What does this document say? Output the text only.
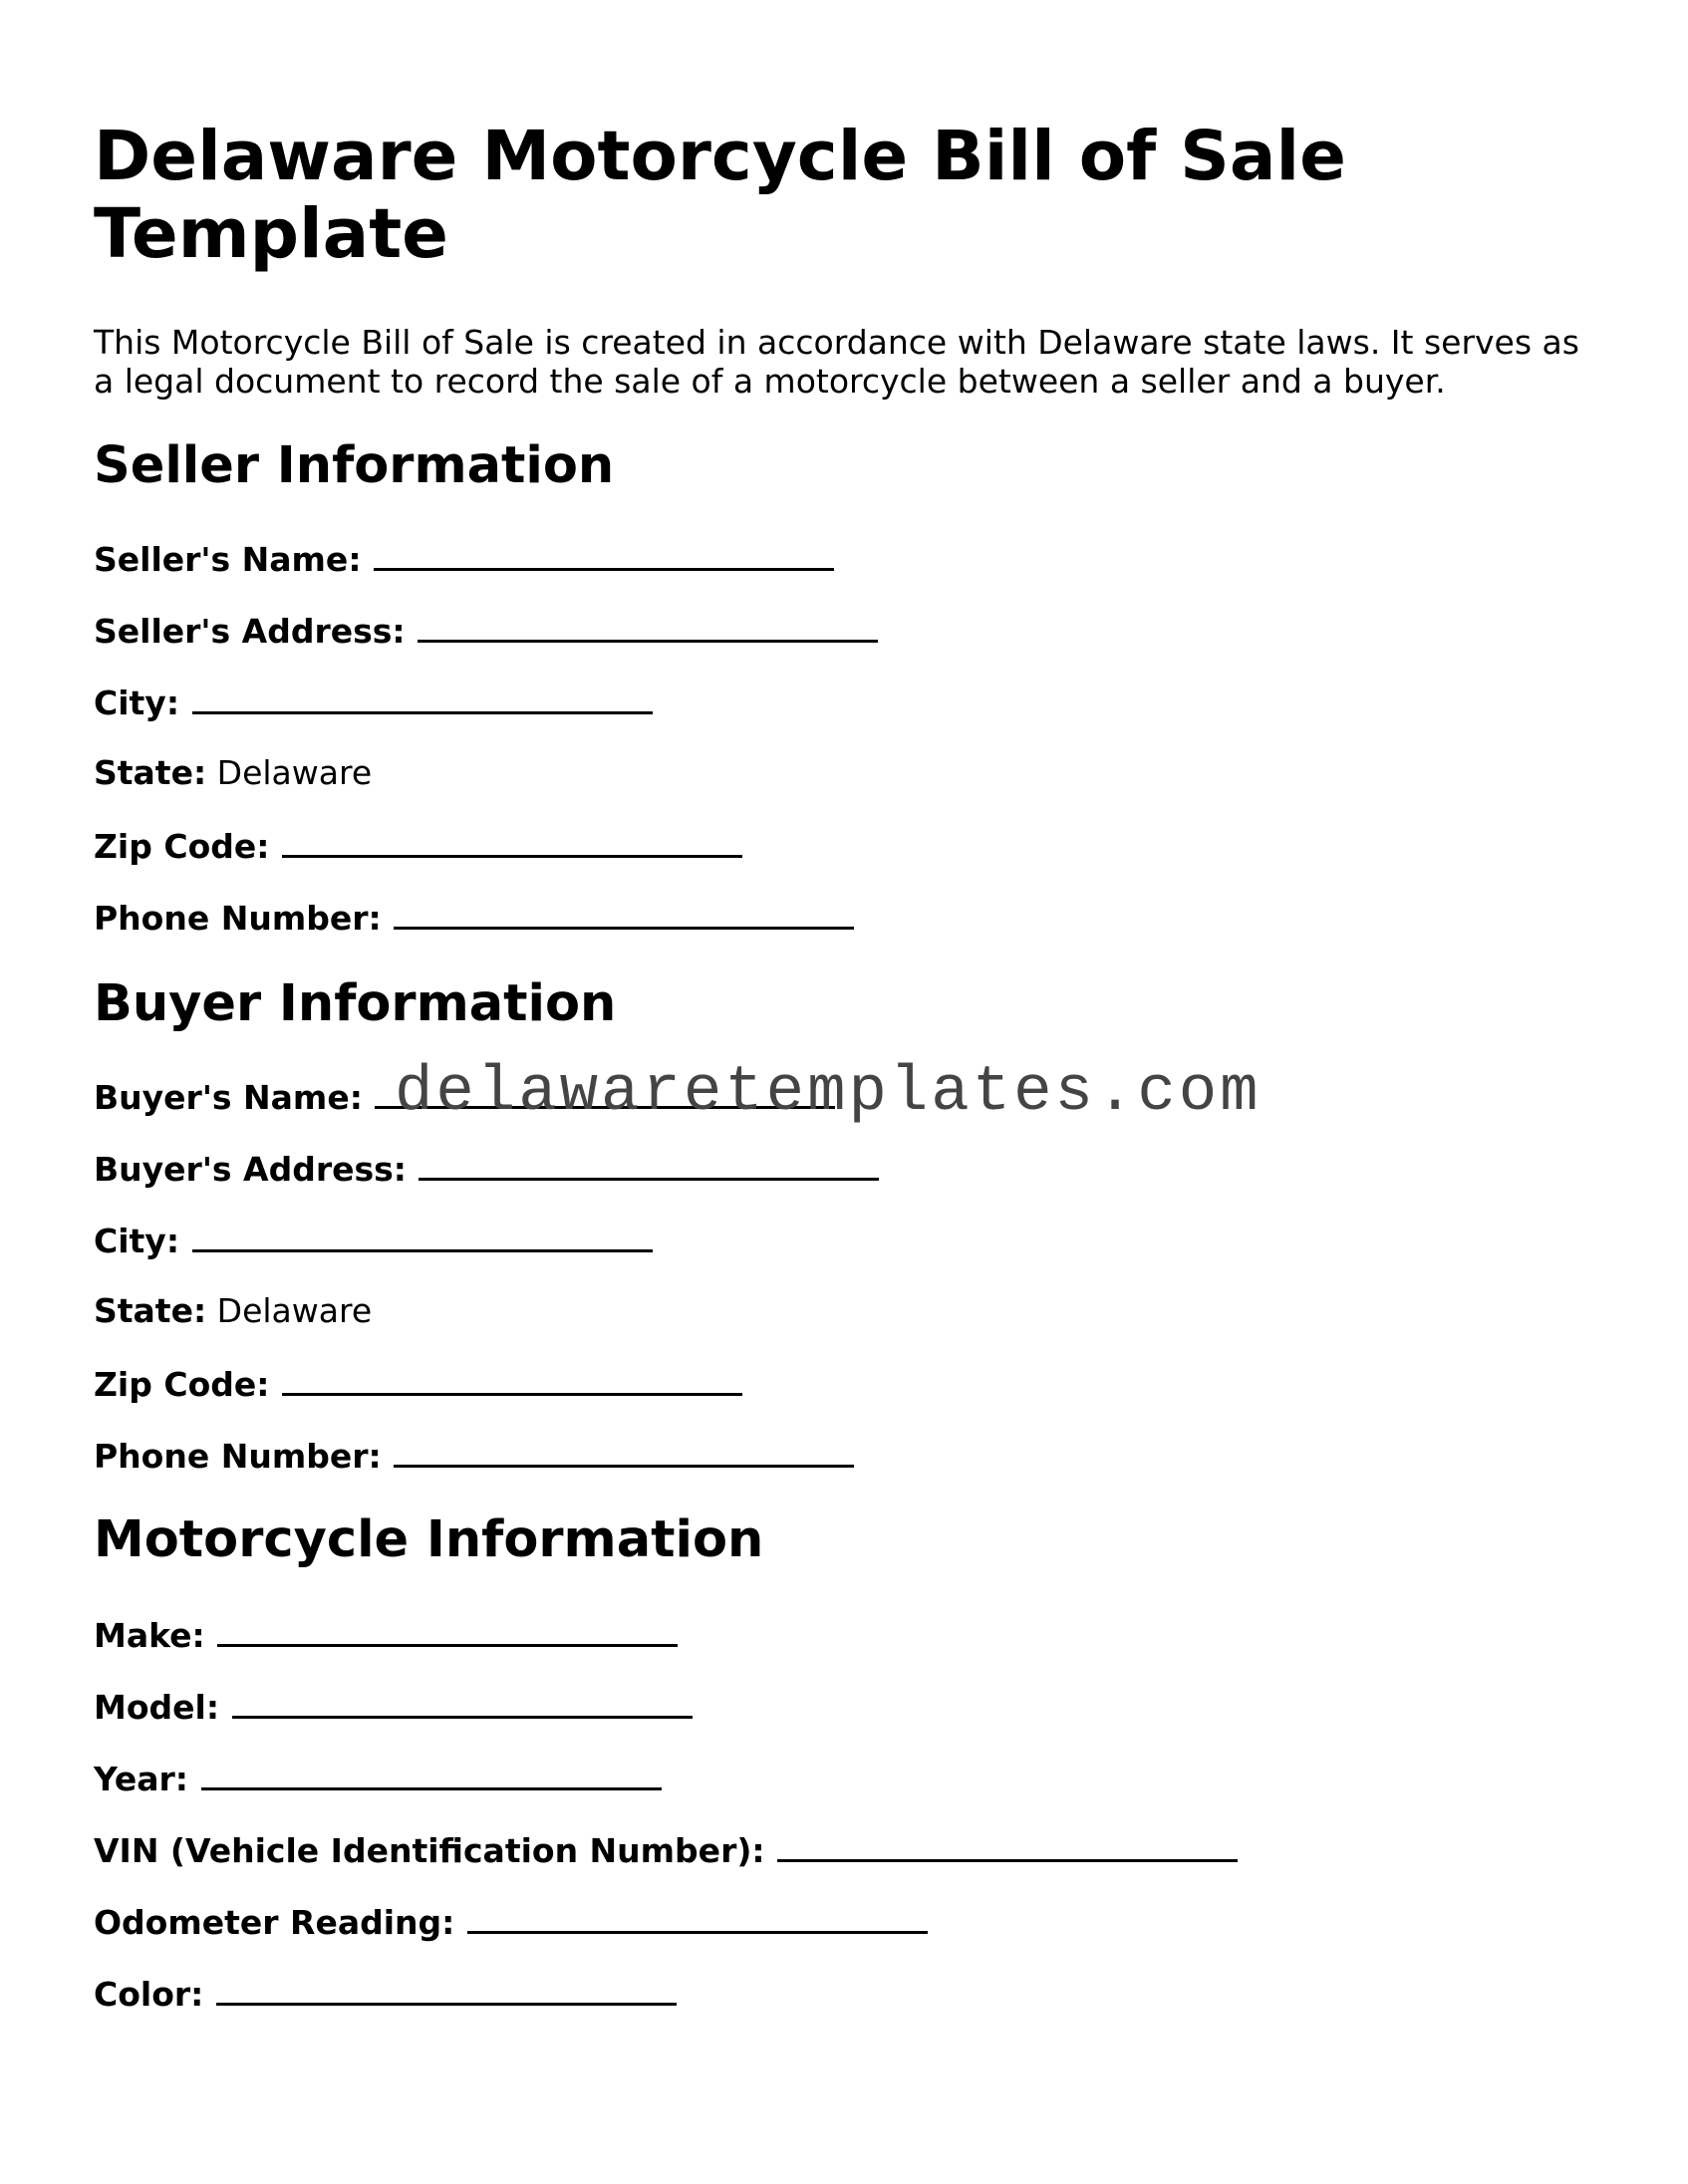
Delaware Motorcycle Bill of Sale Template

This Motorcycle Bill of Sale is created in accordance with Delaware state laws. It serves as a legal document to record the sale of a motorcycle between a seller and a buyer.

Seller Information
Seller's Name:
Seller's Address:
City:
State: Delaware
Zip Code:
Phone Number:
Buyer Information
Buyer's Name:
Buyer's Address:
City:
State: Delaware
Zip Code:
Phone Number:
Motorcycle Information
Make:
Model:
Year:
VIN (Vehicle Identification Number):
Odometer Reading:
Color:
delawaretemplates.com
